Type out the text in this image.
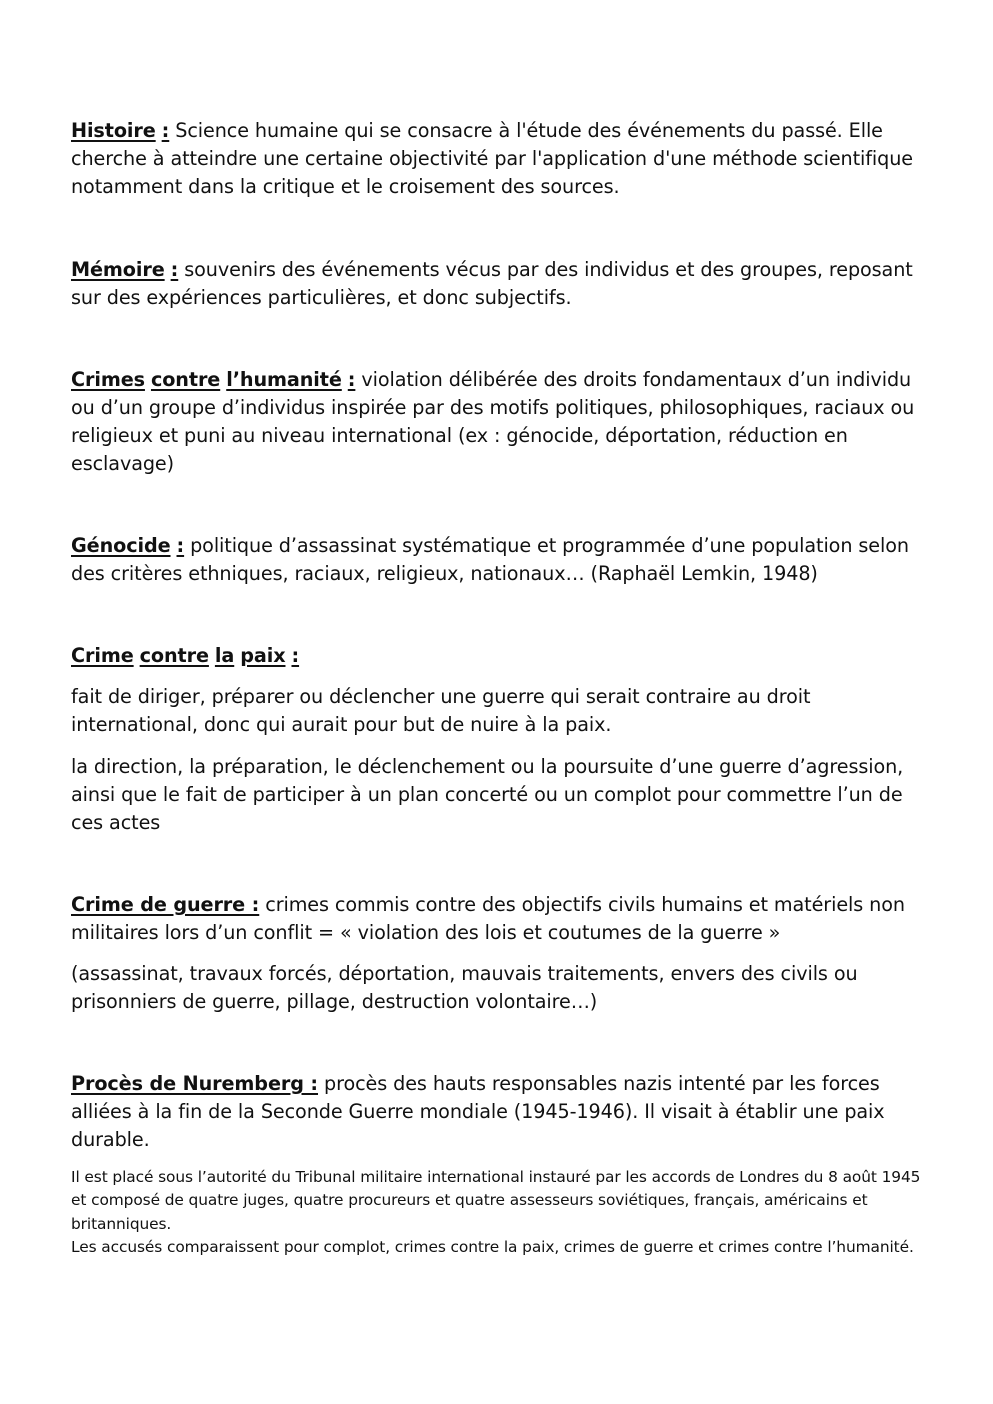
Histoire : Science humaine qui se consacre à l'étude des événements du passé. Elle cherche à atteindre une certaine objectivité par l'application d'une méthode scientifique notamment dans la critique et le croisement des sources.

Mémoire : souvenirs des événements vécus par des individus et des groupes, reposant sur des expériences particulières, et donc subjectifs.

Crimes contre l’humanité : violation délibérée des droits fondamentaux d’un individu ou d’un groupe d’individus inspirée par des motifs politiques, philosophiques, raciaux ou religieux et puni au niveau international (ex : génocide, déportation, réduction en esclavage)

Génocide : politique d’assassinat systématique et programmée d’une population selon des critères ethniques, raciaux, religieux, nationaux… (Raphaël Lemkin, 1948)

Crime contre la paix :

fait de diriger, préparer ou déclencher une guerre qui serait contraire au droit international, donc qui aurait pour but de nuire à la paix.

la direction, la préparation, le déclenchement ou la poursuite d’une guerre d’agression, ainsi que le fait de participer à un plan concerté ou un complot pour commettre l’un de ces actes

Crime de guerre : crimes commis contre des objectifs civils humains et matériels non militaires lors d’un conflit = « violation des lois et coutumes de la guerre »

(assassinat, travaux forcés, déportation, mauvais traitements, envers des civils ou prisonniers de guerre, pillage, destruction volontaire…)

Procès de Nuremberg : procès des hauts responsables nazis intenté par les forces alliées à la fin de la Seconde Guerre mondiale (1945-1946). Il visait à établir une paix durable.

Il est placé sous l’autorité du Tribunal militaire international instauré par les accords de Londres du 8 août 1945 et composé de quatre juges, quatre procureurs et quatre assesseurs soviétiques, français, américains et britanniques.

Les accusés comparaissent pour complot, crimes contre la paix, crimes de guerre et crimes contre l’humanité.
